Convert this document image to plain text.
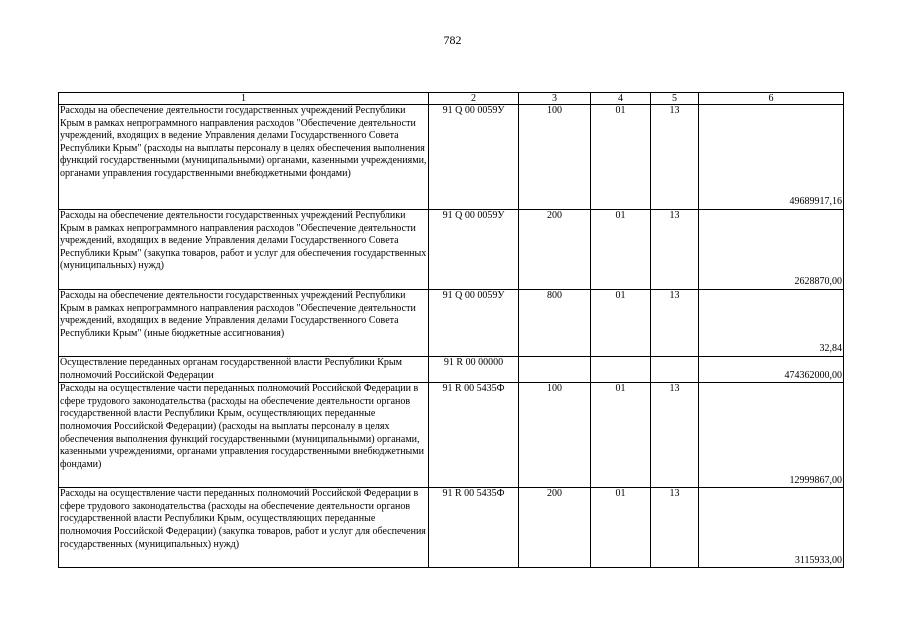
782
1	2	3	4	5	6
Расходы на обеспечение деятельности государственных учреждений Республики Крым в рамках непрограммного направления расходов "Обеспечение деятельности учреждений, входящих в ведение Управления делами Государственного Совета Республики Крым" (расходы на выплаты персоналу в целях обеспечения выполнения функций государственными (муниципальными) органами, казенными учреждениями, органами управления государственными внебюджетными фондами)	91 Q 00 0059У	100	01	13	49689917,16
Расходы на обеспечение деятельности государственных учреждений Республики Крым в рамках непрограммного направления расходов "Обеспечение деятельности учреждений, входящих в ведение Управления делами Государственного Совета Республики Крым" (закупка товаров, работ и услуг для обеспечения государственных (муниципальных) нужд)	91 Q 00 0059У	200	01	13	2628870,00
Расходы на обеспечение деятельности государственных учреждений Республики Крым в рамках непрограммного направления расходов "Обеспечение деятельности учреждений, входящих в ведение Управления делами Государственного Совета Республики Крым" (иные бюджетные ассигнования)	91 Q 00 0059У	800	01	13	32,84
Осуществление переданных органам государственной власти Республики Крым полномочий Российской Федерации	91 R 00 00000				474362000,00
Расходы на осуществление части переданных полномочий Российской Федерации в сфере трудового законодательства (расходы на обеспечение деятельности органов государственной власти Республики Крым, осуществляющих переданные полномочия Российской Федерации) (расходы на выплаты персоналу в целях обеспечения выполнения функций государственными (муниципальными) органами, казенными учреждениями, органами управления государственными внебюджетными фондами)	91 R 00 5435Ф	100	01	13	12999867,00
Расходы на осуществление части переданных полномочий Российской Федерации в сфере трудового законодательства (расходы на обеспечение деятельности органов государственной власти Республики Крым, осуществляющих переданные полномочия Российской Федерации) (закупка товаров, работ и услуг для обеспечения государственных (муниципальных) нужд)	91 R 00 5435Ф	200	01	13	3115933,00
